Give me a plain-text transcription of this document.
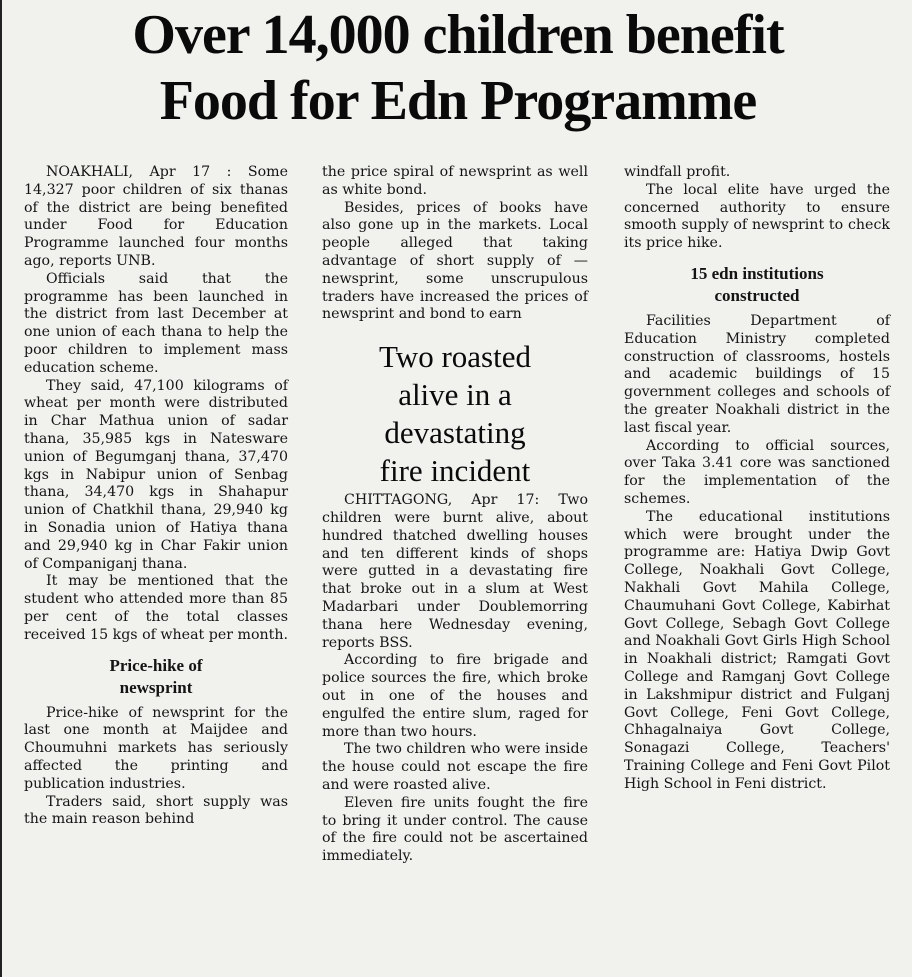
Over 14,000 children benefit
Food for Edn Programme

NOAKHALI, Apr 17 : Some 14,327 poor children of six thanas of the district are being benefited under Food for Education Programme launched four months ago, reports UNB.

Officials said that the programme has been launched in the district from last December at one union of each thana to help the poor children to implement mass education scheme.

They said, 47,100 kilograms of wheat per month were distributed in Char Mathua union of sadar thana, 35,985 kgs in Natesware union of Begumganj thana, 37,470 kgs in Nabipur union of Senbag thana, 34,470 kgs in Shahapur union of Chatkhil thana, 29,940 kg in Sonadia union of Hatiya thana and 29,940 kg in Char Fakir union of Companiganj thana.

It may be mentioned that the student who attended more than 85 per cent of the total classes received 15 kgs of wheat per month.

Price-hike of
newsprint

Price-hike of newsprint for the last one month at Maijdee and Choumuhni markets has seriously affected the printing and publication industries.

Traders said, short supply was the main reason behind

the price spiral of newsprint as well as white bond.

Besides, prices of books have also gone up in the markets. Local people alleged that taking advantage of short supply of — newsprint, some unscrupulous traders have increased the prices of newsprint and bond to earn

Two roasted
alive in a
devastating
fire incident

CHITTAGONG, Apr 17: Two children were burnt alive, about hundred thatched dwelling houses and ten different kinds of shops were gutted in a devastating fire that broke out in a slum at West Madarbari under Doublemorring thana here Wednesday evening, reports BSS.

According to fire brigade and police sources the fire, which broke out in one of the houses and engulfed the entire slum, raged for more than two hours.

The two children who were inside the house could not escape the fire and were roasted alive.

Eleven fire units fought the fire to bring it under control. The cause of the fire could not be ascertained immediately.

windfall profit.

The local elite have urged the concerned authority to ensure smooth supply of newsprint to check its price hike.

15 edn institutions
constructed

Facilities Department of Education Ministry completed construction of classrooms, hostels and academic buildings of 15 government colleges and schools of the greater Noakhali district in the last fiscal year.

According to official sources, over Taka 3.41 core was sanctioned for the implementation of the schemes.

The educational institutions which were brought under the programme are: Hatiya Dwip Govt College, Noakhali Govt College, Nakhali Govt Mahila College, Chaumuhani Govt College, Kabirhat Govt College, Sebagh Govt College and Noakhali Govt Girls High School in Noakhali district; Ramgati Govt College and Ramganj Govt College in Lakshmipur district and Fulganj Govt College, Feni Govt College, Chhagalnaiya Govt College, Sonagazi College, Teachers' Training College and Feni Govt Pilot High School in Feni district.
